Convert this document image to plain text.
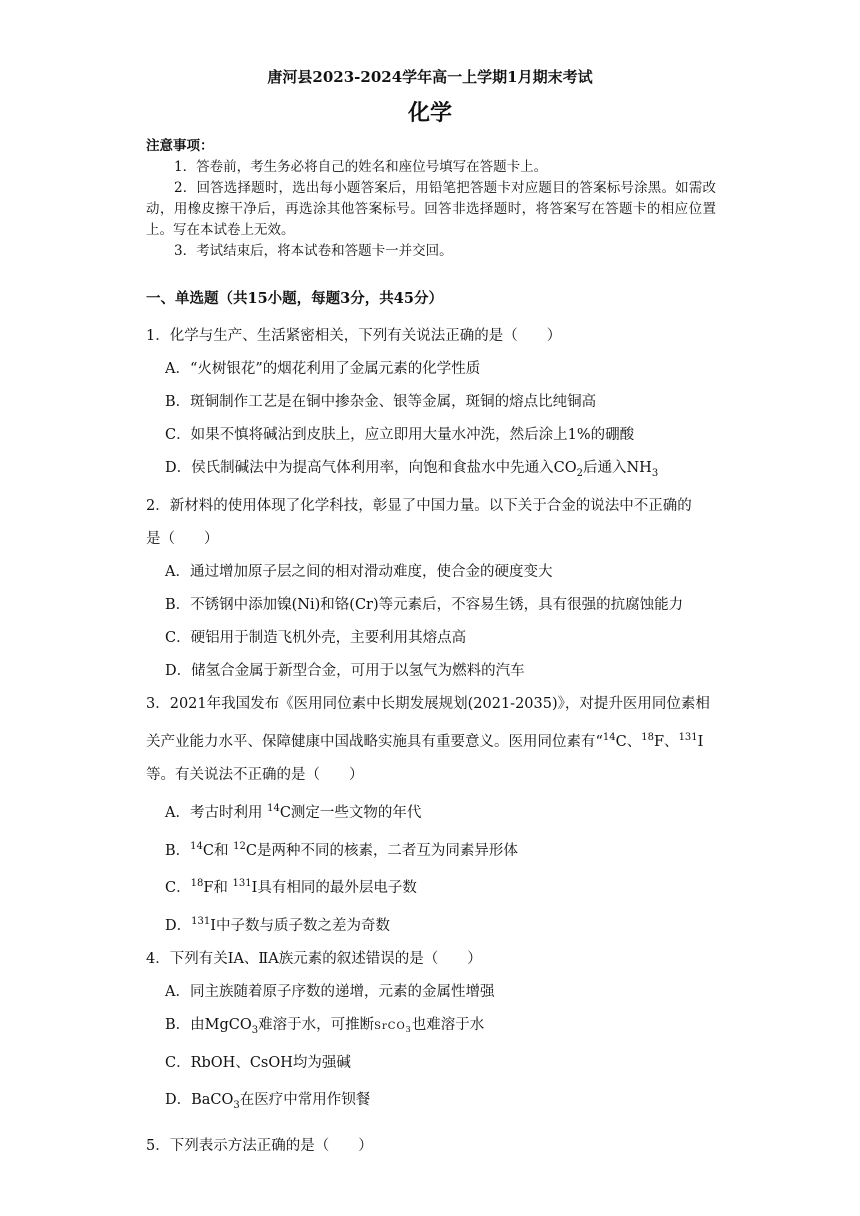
唐河县2023-2024学年高一上学期1月期末考试
化学
注意事项：
1．答卷前，考生务必将自己的姓名和座位号填写在答题卡上。
2．回答选择题时，选出每小题答案后，用铅笔把答题卡对应题目的答案标号涂黑。如需改动，用橡皮擦干净后，再选涂其他答案标号。回答非选择题时，将答案写在答题卡的相应位置上。写在本试卷上无效。
3．考试结束后，将本试卷和答题卡一并交回。
一、单选题（共15小题，每题3分，共45分）
1．化学与生产、生活紧密相关，下列有关说法正确的是（　　）
A．“火树银花”的烟花利用了金属元素的化学性质
B．斑铜制作工艺是在铜中掺杂金、银等金属，斑铜的熔点比纯铜高
C．如果不慎将碱沾到皮肤上，应立即用大量水冲洗，然后涂上1%的硼酸
D．侯氏制碱法中为提高气体利用率，向饱和食盐水中先通入$CO_2$后通入$NH_3$
2．新材料的使用体现了化学科技，彰显了中国力量。以下关于合金的说法中不正确的
是（　　）
A．通过增加原子层之间的相对滑动难度，使合金的硬度变大
B．不锈钢中添加镍(Ni)和铬(Cr)等元素后，不容易生锈，具有很强的抗腐蚀能力
C．硬铝用于制造飞机外壳，主要利用其熔点高
D．储氢合金属于新型合金，可用于以氢气为燃料的汽车
3．2021年我国发布《医用同位素中长期发展规划(2021-2035)》，对提升医用同位素相
关产业能力水平、保障健康中国战略实施具有重要意义。医用同位素有“$^{14}$C、$^{18}$F、$^{131}$I
等。有关说法不正确的是（　　）
A．考古时利用 $^{14}$C测定一些文物的年代
B．$^{14}$C和 $^{12}$C是两种不同的核素，二者互为同素异形体
C．$^{18}$F和 $^{131}$I具有相同的最外层电子数
D．$^{131}$I中子数与质子数之差为奇数
4．下列有关ⅠA、ⅡA族元素的叙述错误的是（　　）
A．同主族随着原子序数的递增，元素的金属性增强
B．由MgCO$_3$难溶于水，可推断SrCO$_3$也难溶于水
C．RbOH、CsOH均为强碱
D．BaCO$_3$在医疗中常用作钡餐
5．下列表示方法正确的是（　　）
